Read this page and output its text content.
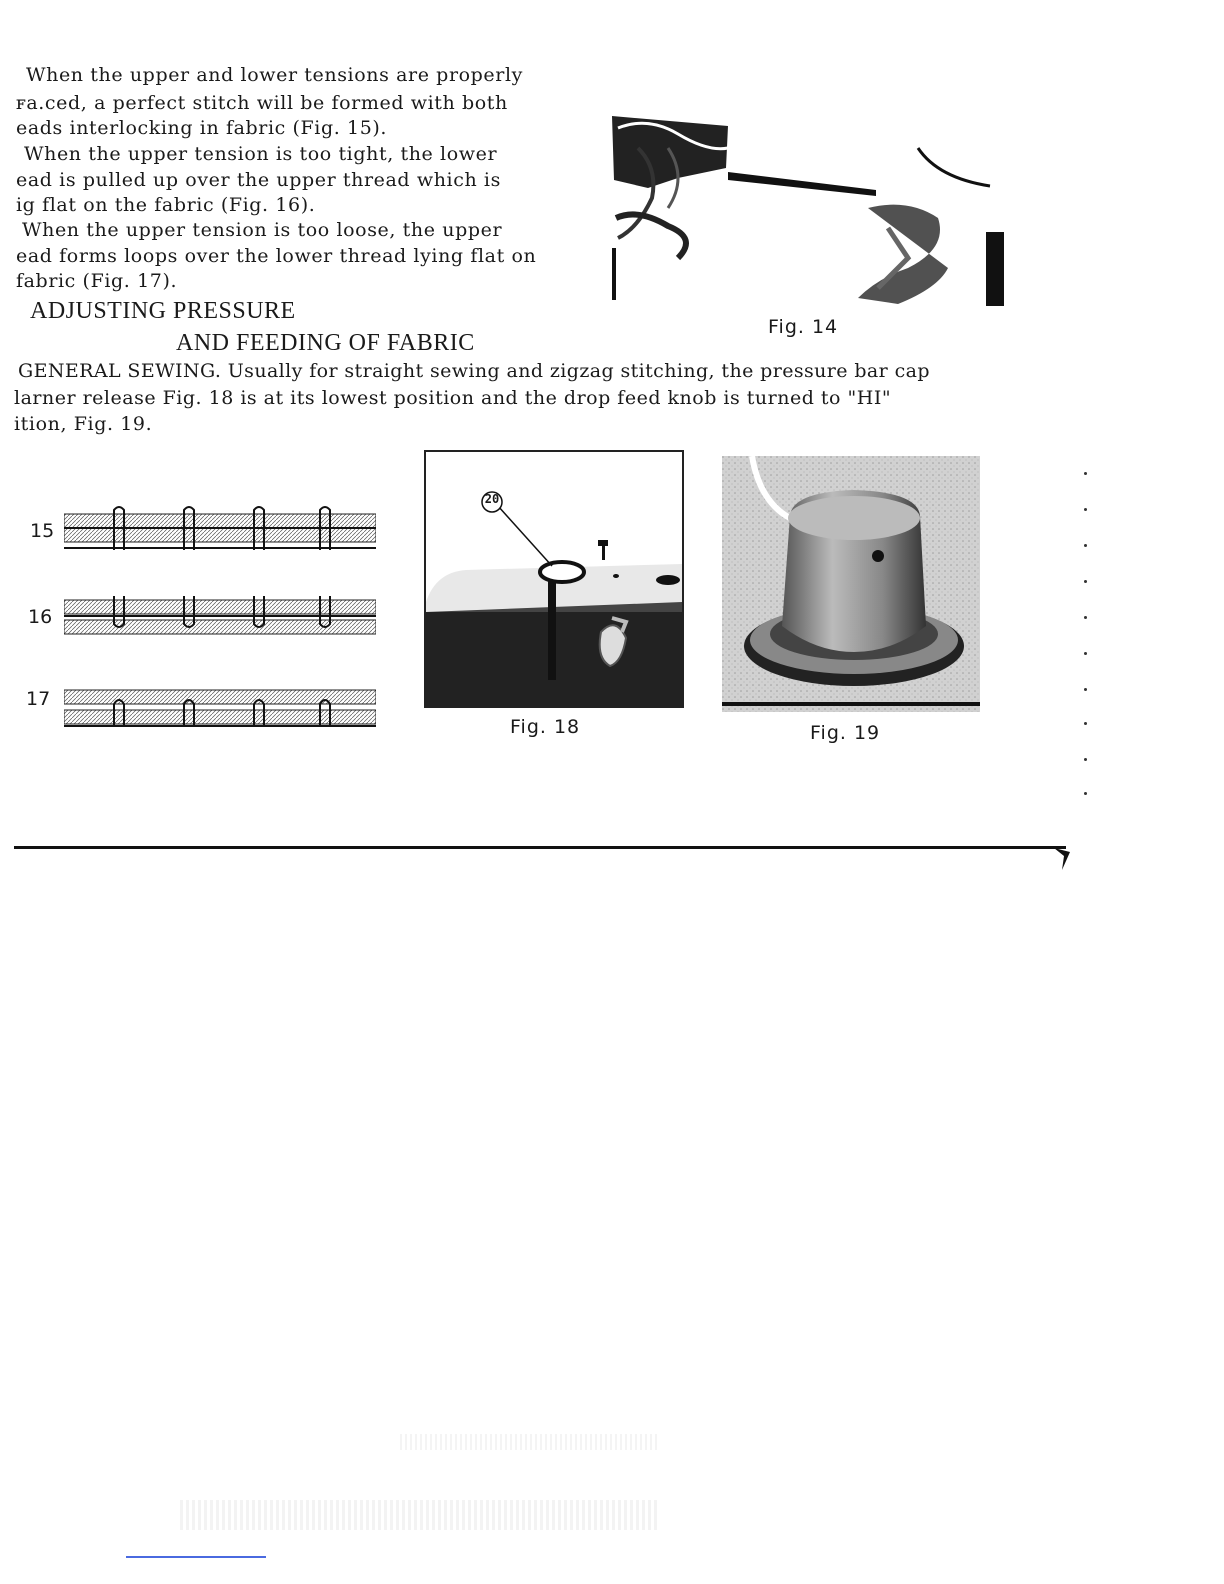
When the upper and lower tensions are properly
ꜰa.ced, a perfect stitch will be formed with both
eads interlocking in fabric (Fig. 15).
When the upper tension is too tight, the lower
ead is pulled up over the upper thread which is
ig flat on the fabric (Fig. 16).
When the upper tension is too loose, the upper
ead forms loops over the lower thread lying flat on
fabric (Fig. 17).
Fig. 14
ADJUSTING PRESSURE
AND FEEDING OF FABRIC
GENERAL SEWING. Usually for straight sewing and zigzag stitching, the pressure bar cap
larner release Fig. 18 is at its lowest position and the drop feed knob is turned to "HI"
ition, Fig. 19.
15
16
17
20
Fig. 18	Fig. 19
